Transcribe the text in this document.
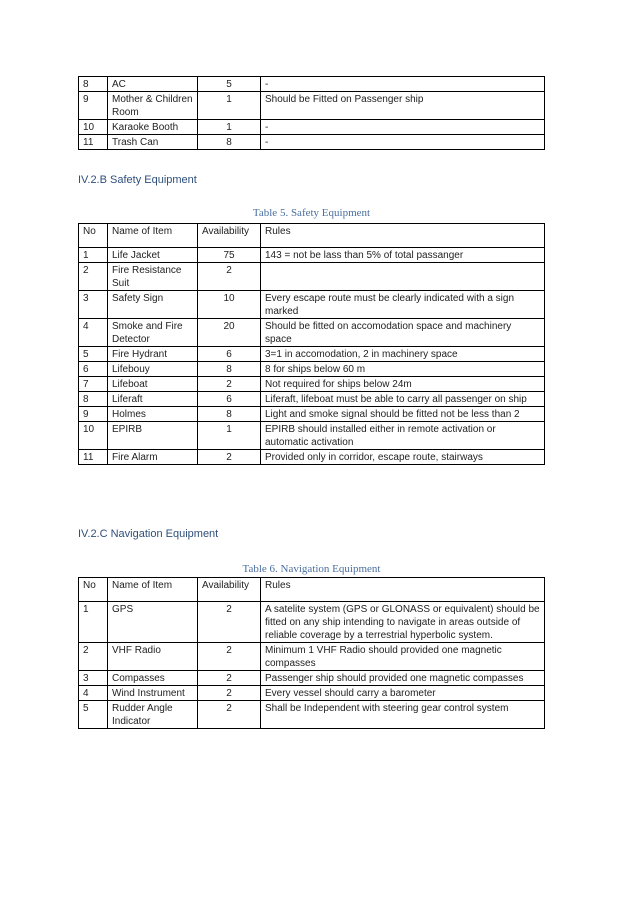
8	AC	5	-
9	Mother & Children Room	1	Should be Fitted on Passenger ship
10	Karaoke Booth	1	-
11	Trash Can	8	-
IV.2.B Safety Equipment
Table 5. Safety Equipment
No	Name of Item	Availability	Rules
1	Life Jacket	75	143 = not be lass than 5% of total passanger
2	Fire Resistance Suit	2	
3	Safety Sign	10	Every escape route must be clearly indicated with a sign marked
4	Smoke and Fire Detector	20	Should be fitted on accomodation space and machinery space
5	Fire Hydrant	6	3=1 in accomodation, 2 in machinery space
6	Lifebouy	8	8 for ships below 60 m
7	Lifeboat	2	Not required for ships below 24m
8	Liferaft	6	Liferaft, lifeboat must be able to carry all passenger on ship
9	Holmes	8	Light and smoke signal should be fitted not be less than 2
10	EPIRB	1	EPIRB should installed either in remote activation or automatic activation
11	Fire Alarm	2	Provided only in corridor, escape route, stairways
IV.2.C Navigation Equipment
Table 6. Navigation Equipment
No	Name of Item	Availability	Rules
1	GPS	2	A satelite system (GPS or GLONASS or equivalent) should be fitted on any ship intending to navigate in areas outside of reliable coverage by a terrestrial hyperbolic system.
2	VHF Radio	2	Minimum 1 VHF Radio should provided one magnetic compasses
3	Compasses	2	Passenger ship should provided one magnetic compasses
4	Wind Instrument	2	Every vessel should carry a barometer
5	Rudder Angle Indicator	2	Shall be Independent with steering gear control system
